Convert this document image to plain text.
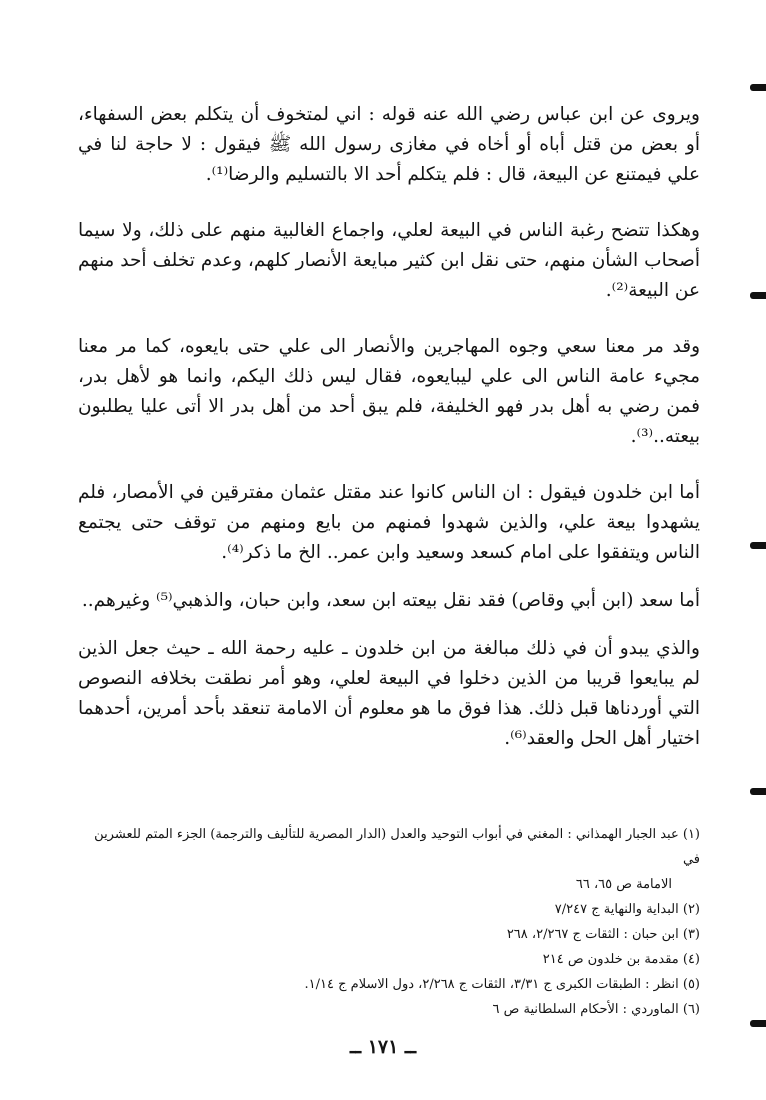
ويروى عن ابن عباس رضي الله عنه قوله : اني لمتخوف أن يتكلم بعض السفهاء، أو بعض من قتل أباه أو أخاه في مغازى رسول الله ﷺ فيقول : لا حاجة لنا في علي فيمتنع عن البيعة، قال : فلم يتكلم أحد الا بالتسليم والرضا⁽¹⁾.

وهكذا تتضح رغبة الناس في البيعة لعلي، واجماع الغالبية منهم على ذلك، ولا سيما أصحاب الشأن منهم، حتى نقل ابن كثير مبايعة الأنصار كلهم، وعدم تخلف أحد منهم عن البيعة⁽²⁾.

وقد مر معنا سعي وجوه المهاجرين والأنصار الى علي حتى بايعوه، كما مر معنا مجيء عامة الناس الى علي ليبايعوه، فقال ليس ذلك اليكم، وانما هو لأهل بدر، فمن رضي به أهل بدر فهو الخليفة، فلم يبق أحد من أهل بدر الا أتى عليا يطلبون بيعته..⁽³⁾.

أما ابن خلدون فيقول : ان الناس كانوا عند مقتل عثمان مفترقين في الأمصار، فلم يشهدوا بيعة علي، والذين شهدوا فمنهم من بايع ومنهم من توقف حتى يجتمع الناس ويتفقوا على امام كسعد وسعيد وابن عمر.. الخ ما ذكر⁽⁴⁾.

أما سعد (ابن أبي وقاص) فقد نقل بيعته ابن سعد، وابن حبان، والذهبي⁽⁵⁾ وغيرهم..

والذي يبدو أن في ذلك مبالغة من ابن خلدون ـ عليه رحمة الله ـ حيث جعل الذين لم يبايعوا قريبا من الذين دخلوا في البيعة لعلي، وهو أمر نطقت بخلافه النصوص التي أوردناها قبل ذلك. هذا فوق ما هو معلوم أن الامامة تنعقد بأحد أمرين، أحدهما اختيار أهل الحل والعقد⁽⁶⁾.

(١) عبد الجبار الهمذاني : المغني في أبواب التوحيد والعدل (الدار المصرية للتأليف والترجمة) الجزء المتم للعشرين في

الامامة ص ٦٥، ٦٦

(٢) البداية والنهاية ج ٧/٢٤٧

(٣) ابن حبان : الثقات ج ٢/٢٦٧، ٢٦٨

(٤) مقدمة بن خلدون ص ٢١٤

(٥) انظر : الطبقات الكبرى ج ٣/٣١، الثقات ج ٢/٢٦٨، دول الاسلام ج ١/١٤.

(٦) الماوردي : الأحكام السلطانية ص ٦

ــ ١٧١ ــ
